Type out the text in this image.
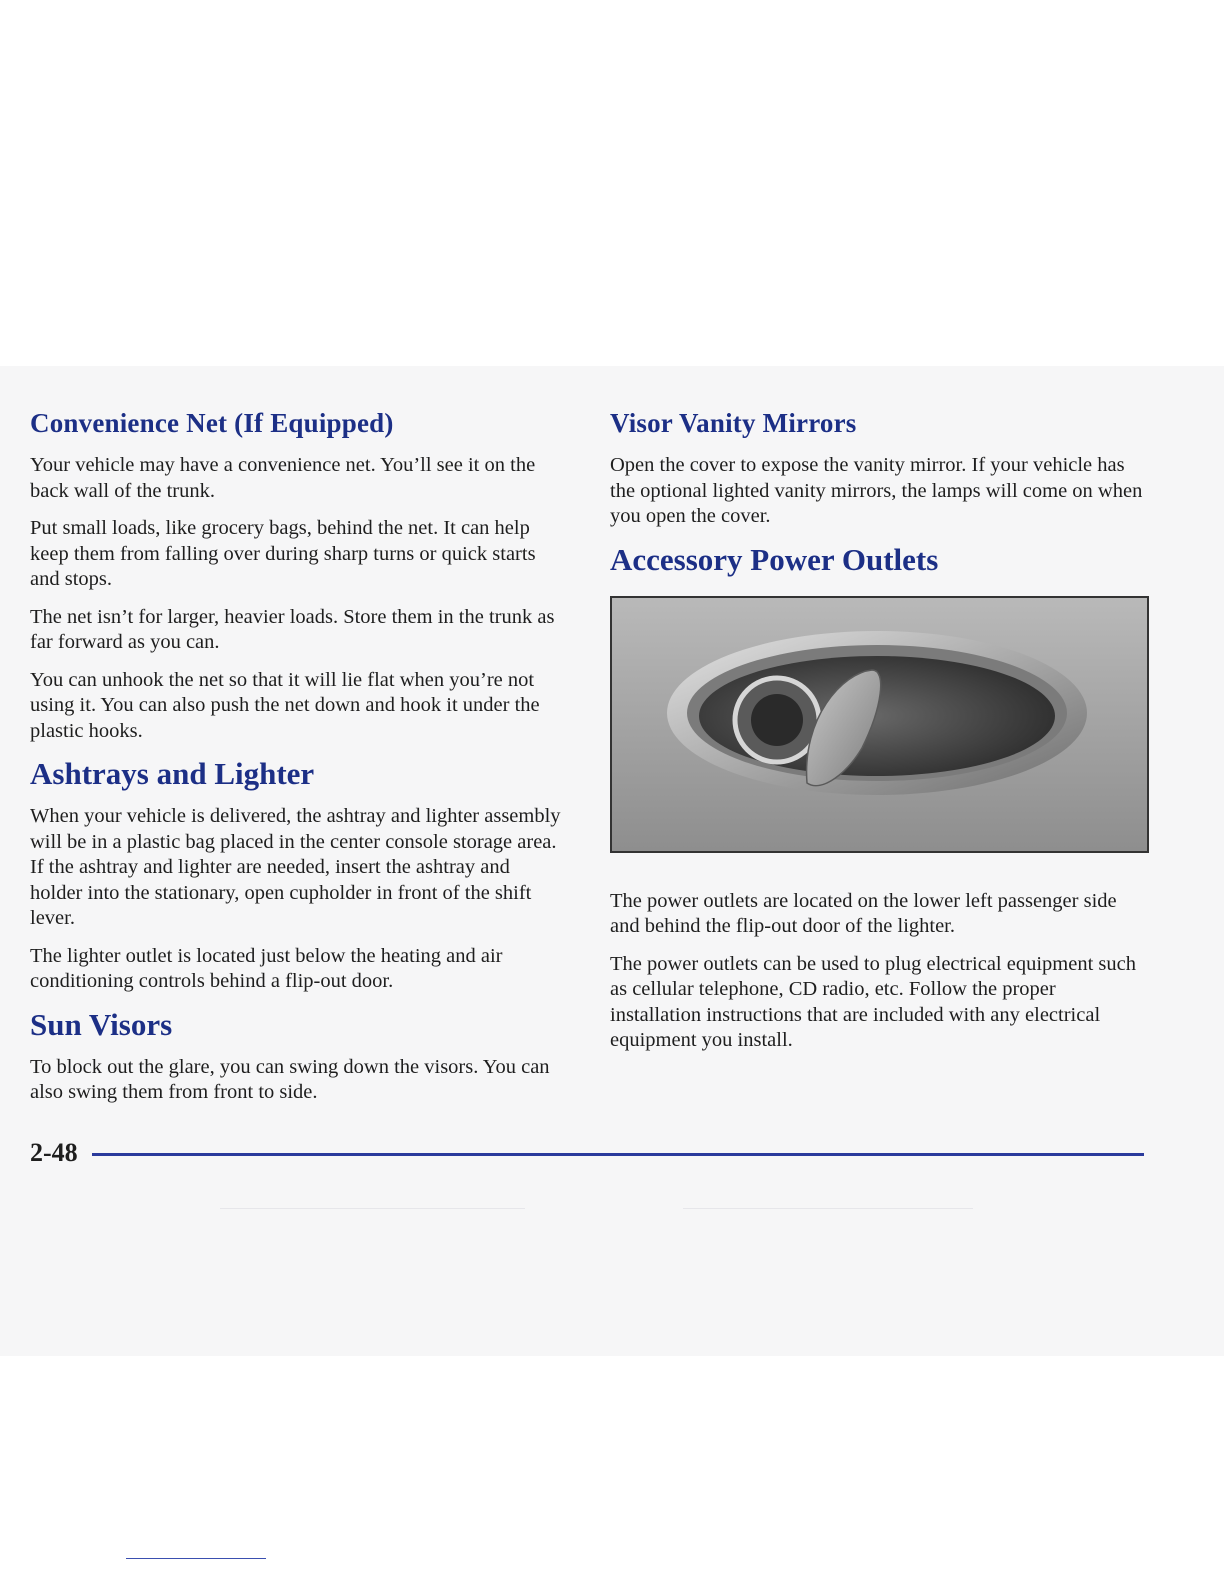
Convenience Net (If Equipped)

Your vehicle may have a convenience net. You’ll see it on the back wall of the trunk.

Put small loads, like grocery bags, behind the net. It can help keep them from falling over during sharp turns or quick starts and stops.

The net isn’t for larger, heavier loads. Store them in the trunk as far forward as you can.

You can unhook the net so that it will lie flat when you’re not using it. You can also push the net down and hook it under the plastic hooks.

Ashtrays and Lighter

When your vehicle is delivered, the ashtray and lighter assembly will be in a plastic bag placed in the center console storage area. If the ashtray and lighter are needed, insert the ashtray and holder into the stationary, open cupholder in front of the shift lever.

The lighter outlet is located just below the heating and air conditioning controls behind a flip-out door.

Sun Visors

To block out the glare, you can swing down the visors. You can also swing them from front to side.

Visor Vanity Mirrors

Open the cover to expose the vanity mirror. If your vehicle has the optional lighted vanity mirrors, the lamps will come on when you open the cover.

Accessory Power Outlets

The power outlets are located on the lower left passenger side and behind the flip-out door of the lighter.

The power outlets can be used to plug electrical equipment such as cellular telephone, CD radio, etc. Follow the proper installation instructions that are included with any electrical equipment you install.

2-48
